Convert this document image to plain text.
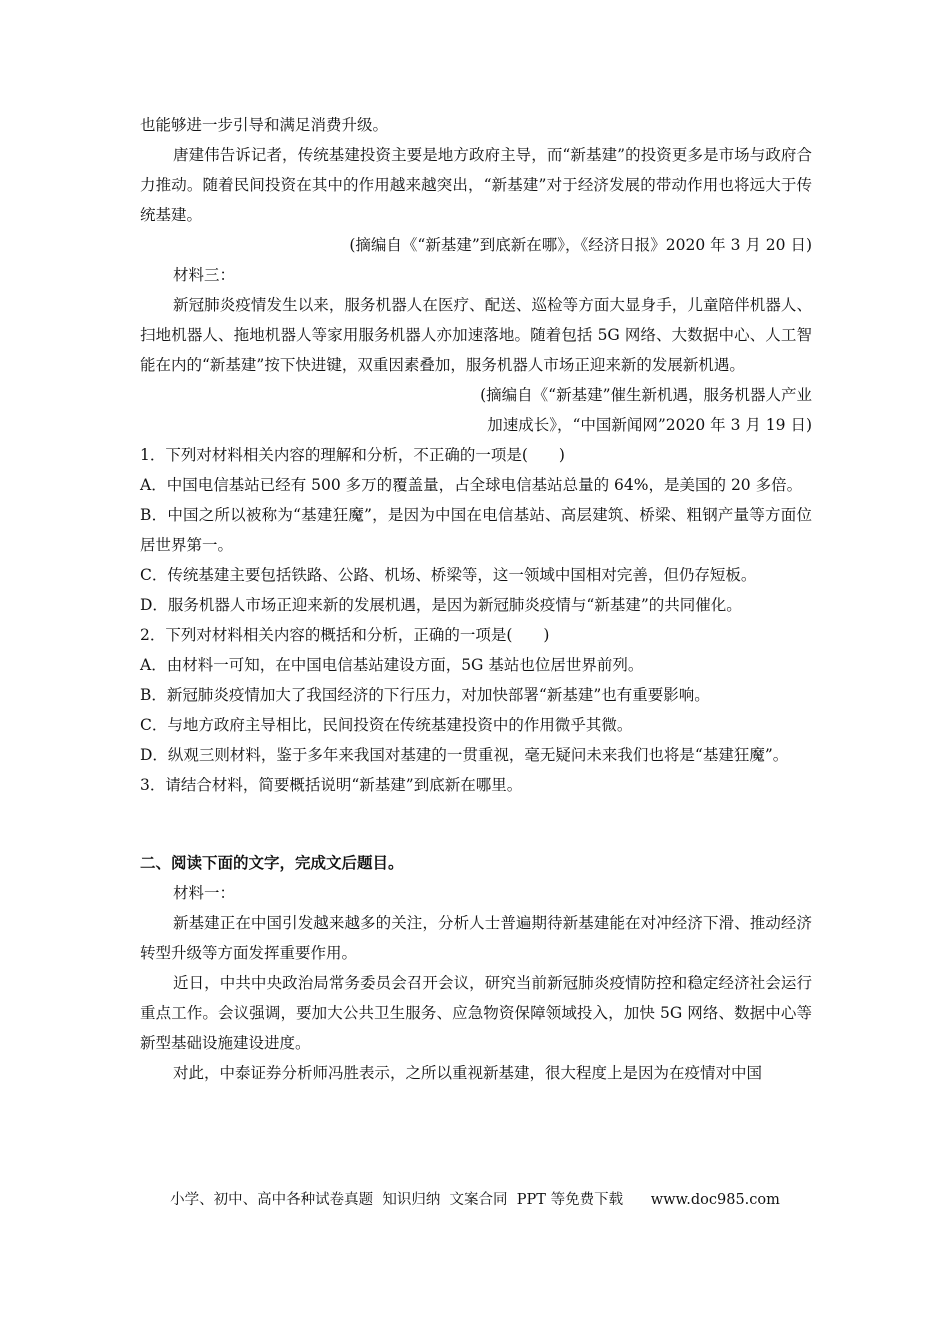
也能够进一步引导和满足消费升级。

唐建伟告诉记者，传统基建投资主要是地方政府主导，而“新基建”的投资更多是市场与政府合力推动。随着民间投资在其中的作用越来越突出，“新基建”对于经济发展的带动作用也将远大于传统基建。

(摘编自《“新基建”到底新在哪》，《经济日报》2020 年 3 月 20 日)

材料三：

新冠肺炎疫情发生以来，服务机器人在医疗、配送、巡检等方面大显身手，儿童陪伴机器人、扫地机器人、拖地机器人等家用服务机器人亦加速落地。随着包括 5G 网络、大数据中心、人工智能在内的“新基建”按下快进键，双重因素叠加，服务机器人市场正迎来新的发展新机遇。

(摘编自《“新基建”催生新机遇，服务机器人产业

加速成长》，“中国新闻网”2020 年 3 月 19 日)

1．下列对材料相关内容的理解和分析，不正确的一项是(　　)

A．中国电信基站已经有 500 多万的覆盖量，占全球电信基站总量的 64%，是美国的 20 多倍。

B．中国之所以被称为“基建狂魔”，是因为中国在电信基站、高层建筑、桥梁、粗钢产量等方面位居世界第一。

C．传统基建主要包括铁路、公路、机场、桥梁等，这一领域中国相对完善，但仍存短板。

D．服务机器人市场正迎来新的发展机遇，是因为新冠肺炎疫情与“新基建”的共同催化。

2．下列对材料相关内容的概括和分析，正确的一项是(　　)

A．由材料一可知，在中国电信基站建设方面，5G 基站也位居世界前列。

B．新冠肺炎疫情加大了我国经济的下行压力，对加快部署“新基建”也有重要影响。

C．与地方政府主导相比，民间投资在传统基建投资中的作用微乎其微。

D．纵观三则材料，鉴于多年来我国对基建的一贯重视，毫无疑问未来我们也将是“基建狂魔”。

3．请结合材料，简要概括说明“新基建”到底新在哪里。

二、阅读下面的文字，完成文后题目。

材料一：

新基建正在中国引发越来越多的关注，分析人士普遍期待新基建能在对冲经济下滑、推动经济转型升级等方面发挥重要作用。

近日，中共中央政治局常务委员会召开会议，研究当前新冠肺炎疫情防控和稳定经济社会运行重点工作。会议强调，要加大公共卫生服务、应急物资保障领域投入，加快 5G 网络、数据中心等新型基础设施建设进度。

对此，中泰证券分析师冯胜表示，之所以重视新基建，很大程度上是因为在疫情对中国

小学、初中、高中各种试卷真题  知识归纳  文案合同  PPT 等免费下载 www.doc985.com
